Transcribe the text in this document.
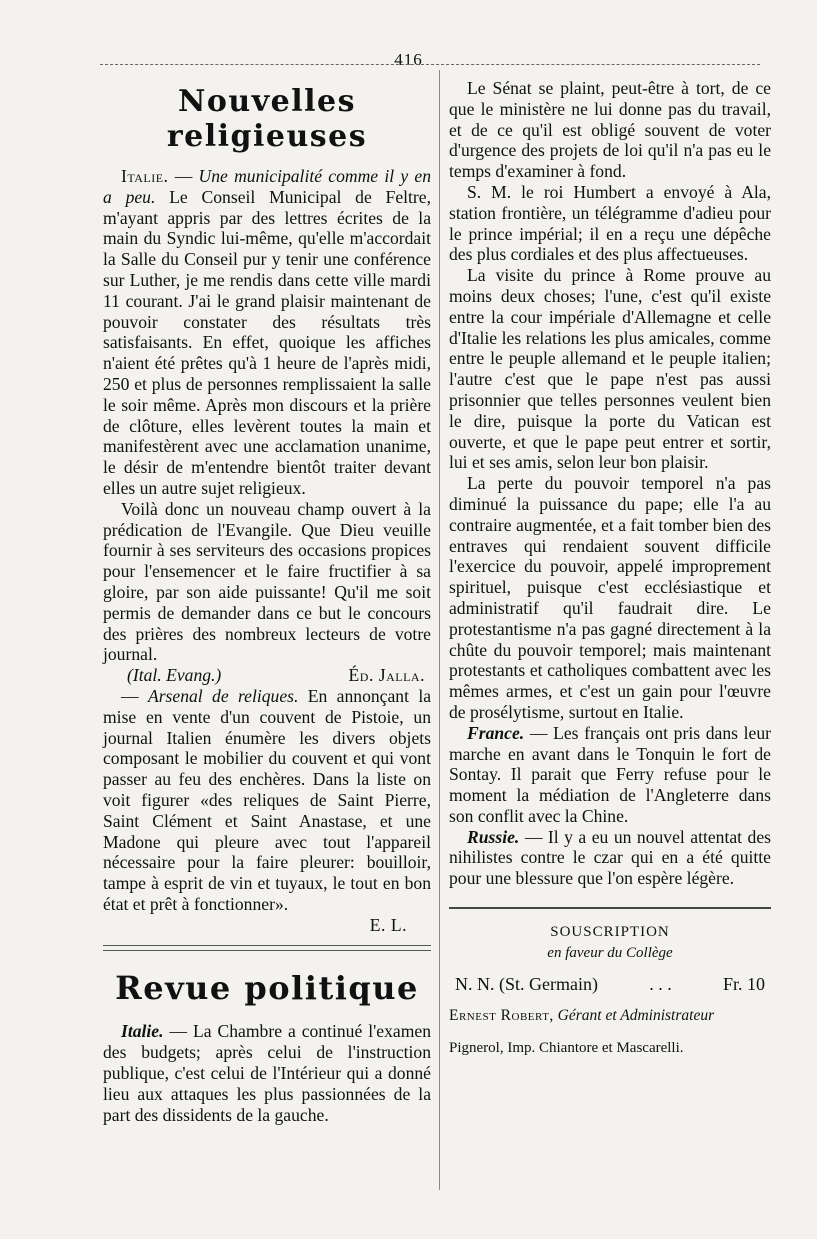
416
Nouvelles religieuses

Italie. — Une municipalité comme il y en a peu. Le Conseil Municipal de Feltre, m'ayant appris par des lettres écrites de la main du Syndic lui-même, qu'elle m'accordait la Salle du Conseil pur y tenir une conférence sur Luther, je me rendis dans cette ville mardi 11 courant. J'ai le grand plaisir maintenant de pouvoir constater des résultats très satisfaisants. En effet, quoique les affiches n'aient été prêtes qu'à 1 heure de l'après midi, 250 et plus de personnes remplissaient la salle le soir même. Après mon discours et la prière de clôture, elles levèrent toutes la main et manifestèrent avec une acclamation unanime, le désir de m'entendre bientôt traiter devant elles un autre sujet religieux.

Voilà donc un nouveau champ ouvert à la prédication de l'Evangile. Que Dieu veuille fournir à ses serviteurs des occasions propices pour l'ensemencer et le faire fructifier à sa gloire, par son aide puissante! Qu'il me soit permis de demander dans ce but le concours des prières des nombreux lecteurs de votre journal.

(Ital. Evang.)	Éd. Jalla.

— Arsenal de reliques. En annonçant la mise en vente d'un couvent de Pistoie, un journal Italien énumère les divers objets composant le mobilier du couvent et qui vont passer au feu des enchères. Dans la liste on voit figurer «des reliques de Saint Pierre, Saint Clément et Saint Anastase, et une Madone qui pleure avec tout l'appareil nécessaire pour la faire pleurer: bouilloir, tampe à esprit de vin et tuyaux, le tout en bon état et prêt à fonctionner».

E. L.
Revue politique

Italie. — La Chambre a continué l'examen des budgets; après celui de l'instruction publique, c'est celui de l'Intérieur qui a donné lieu aux attaques les plus passionnées de la part des dissidents de la gauche.

Le Sénat se plaint, peut-être à tort, de ce que le ministère ne lui donne pas du travail, et de ce qu'il est obligé souvent de voter d'urgence des projets de loi qu'il n'a pas eu le temps d'examiner à fond.

S. M. le roi Humbert a envoyé à Ala, station frontière, un télégramme d'adieu pour le prince impérial; il en a reçu une dépêche des plus cordiales et des plus affectueuses.

La visite du prince à Rome prouve au moins deux choses; l'une, c'est qu'il existe entre la cour impériale d'Allemagne et celle d'Italie les relations les plus amicales, comme entre le peuple allemand et le peuple italien; l'autre c'est que le pape n'est pas aussi prisonnier que telles personnes veulent bien le dire, puisque la porte du Vatican est ouverte, et que le pape peut entrer et sortir, lui et ses amis, selon leur bon plaisir.

La perte du pouvoir temporel n'a pas diminué la puissance du pape; elle l'a au contraire augmentée, et a fait tomber bien des entraves qui rendaient souvent difficile l'exercice du pouvoir, appelé improprement spirituel, puisque c'est ecclésiastique et administratif qu'il faudrait dire. Le protestantisme n'a pas gagné directement à la chûte du pouvoir temporel; mais maintenant protestants et catholiques combattent avec les mêmes armes, et c'est un gain pour l'œuvre de prosélytisme, surtout en Italie.

France. — Les français ont pris dans leur marche en avant dans le Tonquin le fort de Sontay. Il parait que Ferry refuse pour le moment la médiation de l'Angleterre dans son conflit avec la Chine.

Russie. — Il y a eu un nouvel attentat des nihilistes contre le czar qui en a été quitte pour une blessure que l'on espère légère.

SOUSCRIPTION
en faveur du Collège
N. N. (St. Germain)	. . .	Fr. 10
Ernest Robert, Gérant et Administrateur
Pignerol, Imp. Chiantore et Mascarelli.
